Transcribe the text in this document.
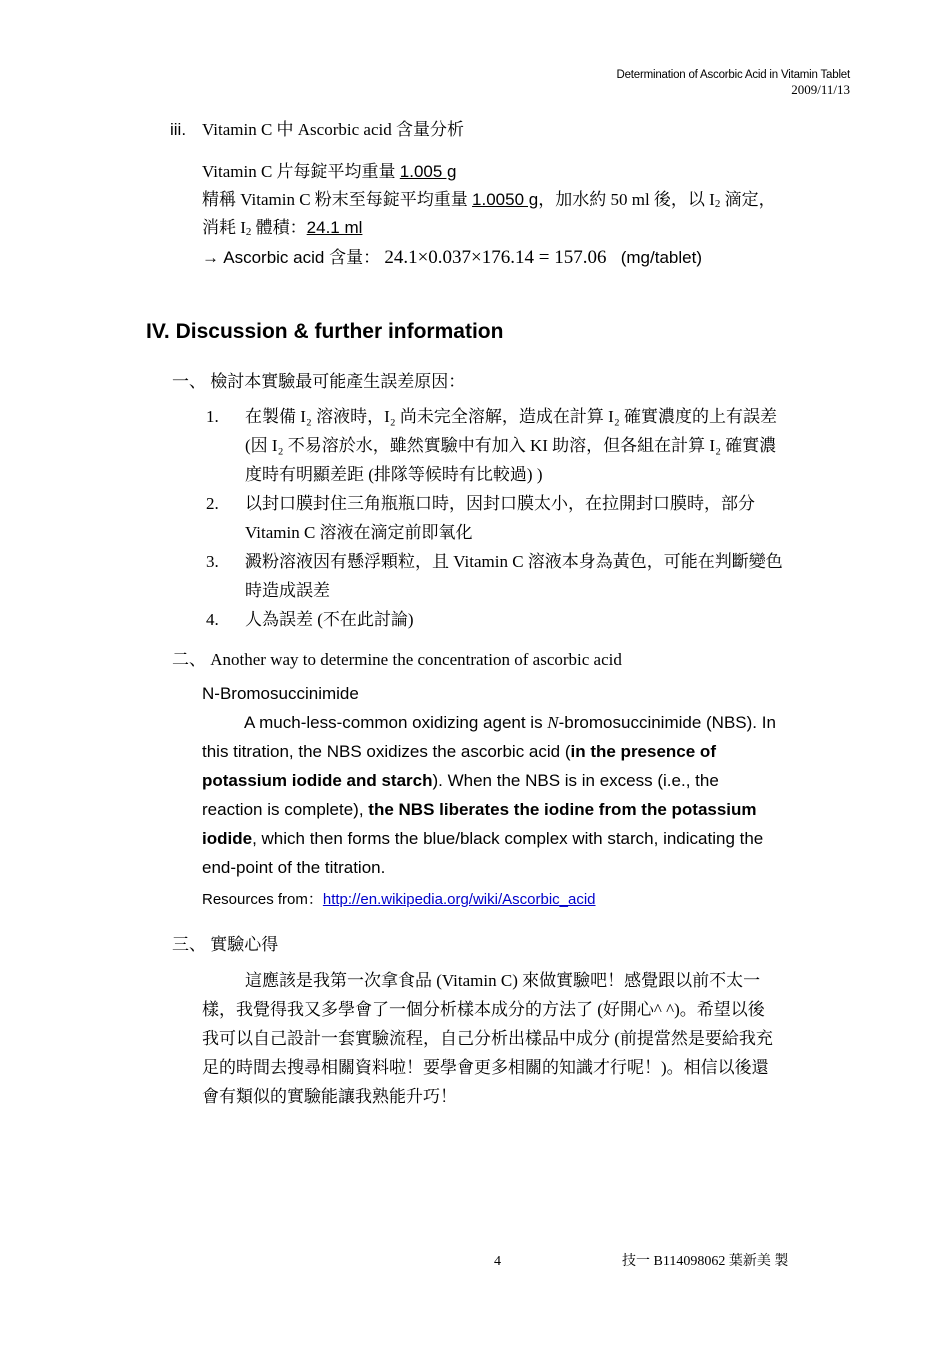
Determination of Ascorbic Acid in Vitamin Tablet
2009/11/13
iii. Vitamin C 中 Ascorbic acid 含量分析
Vitamin C 片每錠平均重量 1.005 g
精稱 Vitamin C 粉末至每錠平均重量 1.0050 g，加水約 50 ml 後，以 $I_2$ 滴定，
消耗 $I_2$ 體積：24.1 ml
→ Ascorbic acid 含量： 24.1×0.037×176.14 = 157.06 (mg/tablet)
IV. Discussion & further information
一、 檢討本實驗最可能產生誤差原因：
1. 在製備 I₂ 溶液時，I₂ 尚未完全溶解，造成在計算 I₂ 確實濃度的上有誤差
(因 I₂ 不易溶於水，雖然實驗中有加入 KI 助溶，但各組在計算 I₂ 確實濃
度時有明顯差距 (排隊等候時有比較過) )
2. 以封口膜封住三角瓶瓶口時，因封口膜太小，在拉開封口膜時，部分
Vitamin C 溶液在滴定前即氧化
3. 澱粉溶液因有懸浮顆粒，且 Vitamin C 溶液本身為黃色，可能在判斷變色
時造成誤差
4. 人為誤差 (不在此討論)
二、 Another way to determine the concentration of ascorbic acid
N-Bromosuccinimide
A much-less-common oxidizing agent is N-bromosuccinimide (NBS). In
this titration, the NBS oxidizes the ascorbic acid (in the presence of
potassium iodide and starch). When the NBS is in excess (i.e., the
reaction is complete), the NBS liberates the iodine from the potassium
iodide, which then forms the blue/black complex with starch, indicating the
end-point of the titration.
Resources from：http://en.wikipedia.org/wiki/Ascorbic_acid
三、 實驗心得
這應該是我第一次拿食品 (Vitamin C) 來做實驗吧！感覺跟以前不太一
樣，我覺得我又多學會了一個分析樣本成分的方法了 (好開心^ ^)。希望以後
我可以自己設計一套實驗流程，自己分析出樣品中成分 (前提當然是要給我充
足的時間去搜尋相關資料啦！要學會更多相關的知識才行呢！)。相信以後還
會有類似的實驗能讓我熟能升巧！
4	技一 B114098062 葉新美 製
